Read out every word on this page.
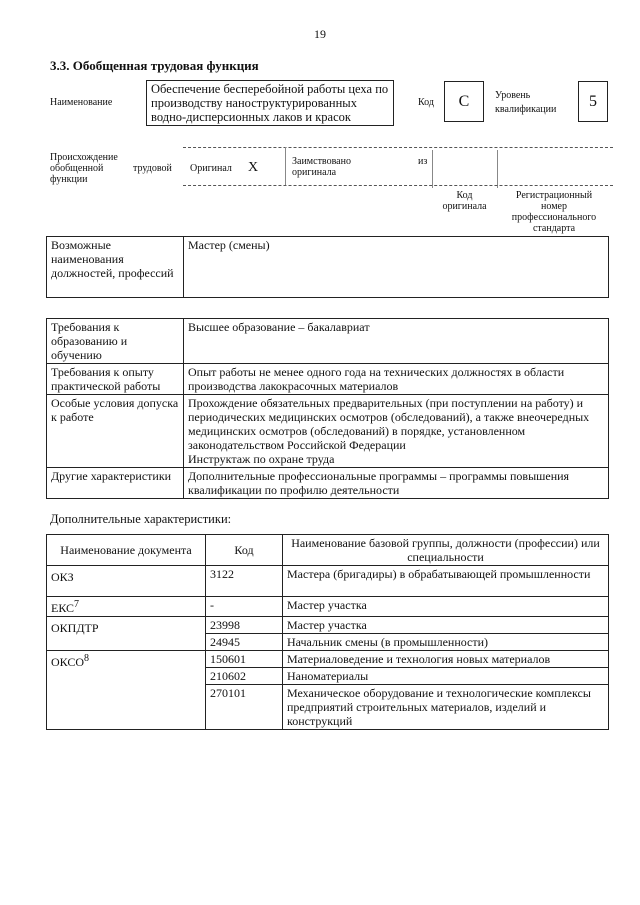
19
3.3. Обобщенная трудовая функция
Наименование
Обеспечение бесперебойной работы цеха по производству наноструктурированных водно-дисперсионных лаков и красок
Код	C	Уровень
квалификации	5
Происхождение
обобщенной	трудовой
функции
Оригинал X	Заимствовано
оригинала
из
Код
оригинала
Регистрационный
номер
профессионального
стандарта
Возможные наименования должностей, профессий	Мастер (смены)
Требования к образованию и обучению	Высшее образование – бакалавриат
Требования к опыту практической работы	Опыт работы не менее одного года на технических должностях в области производства лакокрасочных материалов
Особые условия допуска к работе	Прохождение обязательных предварительных (при поступлении на работу) и периодических медицинских осмотров (обследований), а также внеочередных медицинских осмотров (обследований) в порядке, установленном законодательством Российской Федерации
Инструктаж по охране труда

Другие характеристики	Дополнительные профессиональные программы – программы повышения квалификации по профилю деятельности
Дополнительные характеристики:
Наименование документа	Код	Наименование базовой группы, должности (профессии) или специальности
ОКЗ	3122	Мастера (бригадиры) в обрабатывающей промышленности
ЕКС$^7$	-	Мастер участка
ОКПДТР	23998	Мастер участка
	24945	Начальник смены (в промышленности)
ОКСО$^8$	150601	Материаловедение и технология новых материалов
	210602	Наноматериалы
	270101	Механическое оборудование и технологические комплексы предприятий строительных материалов, изделий и конструкций
